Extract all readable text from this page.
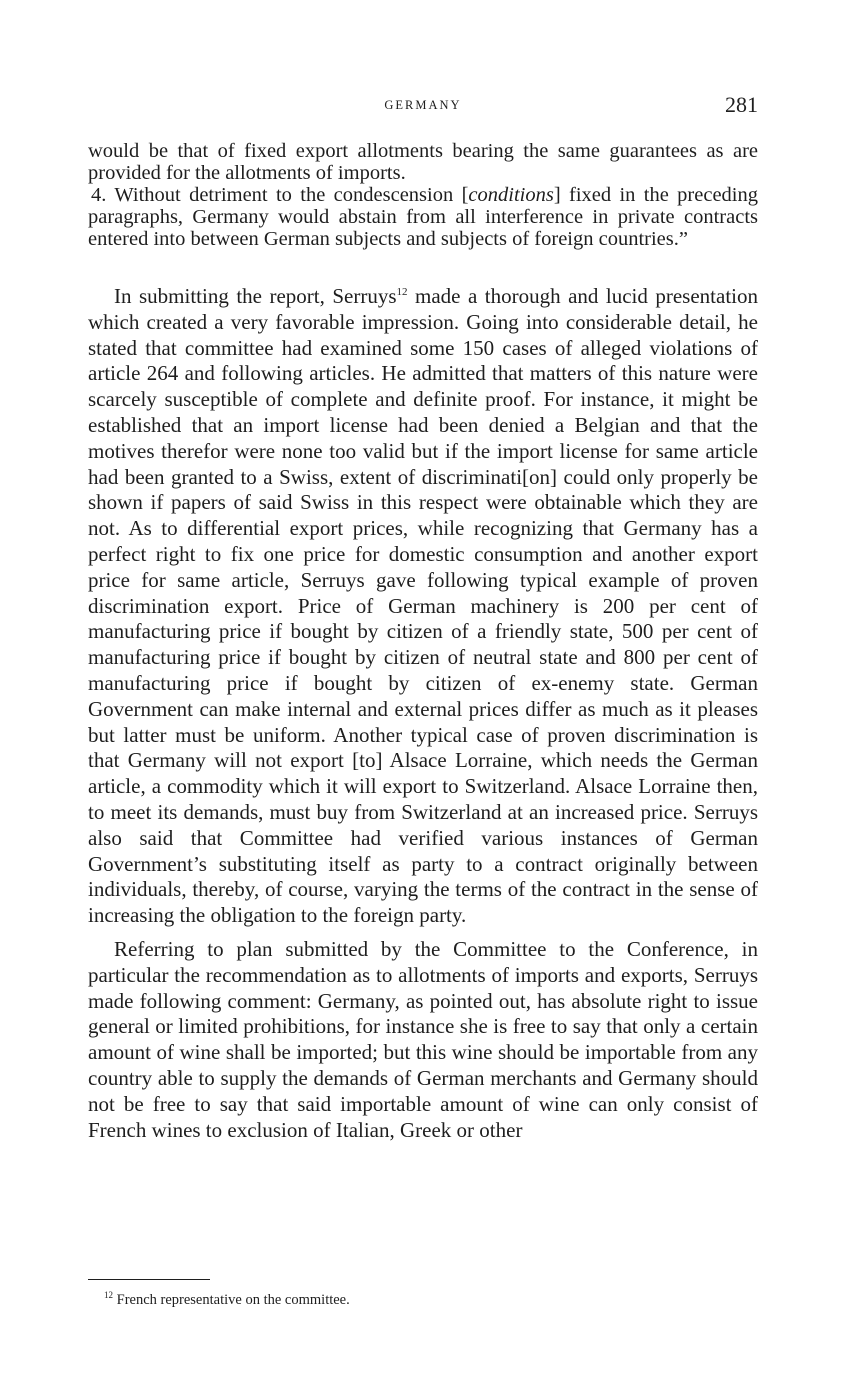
GERMANY	281

would be that of fixed export allotments bearing the same guarantees as are provided for the allotments of imports.

4. Without detriment to the condescension [conditions] fixed in the preceding paragraphs, Germany would abstain from all interference in private contracts entered into between German subjects and subjects of foreign countries.”

In submitting the report, Serruys$^{12}$ made a thorough and lucid presentation which created a very favorable impression. Going into considerable detail, he stated that committee had examined some 150 cases of alleged violations of article 264 and following articles. He admitted that matters of this nature were scarcely susceptible of complete and definite proof. For instance, it might be established that an import license had been denied a Belgian and that the motives therefor were none too valid but if the import license for same article had been granted to a Swiss, extent of discriminati[on] could only properly be shown if papers of said Swiss in this respect were obtainable which they are not. As to differential export prices, while recognizing that Germany has a perfect right to fix one price for domestic consumption and another export price for same article, Serruys gave following typical example of proven discrimination export. Price of German machinery is 200 per cent of manufacturing price if bought by citizen of a friendly state, 500 per cent of manufacturing price if bought by citizen of neutral state and 800 per cent of manufacturing price if bought by citizen of ex-enemy state. German Government can make internal and external prices differ as much as it pleases but latter must be uniform. Another typical case of proven discrimination is that Germany will not export [to] Alsace Lorraine, which needs the German article, a commodity which it will export to Switzerland. Alsace Lorraine then, to meet its demands, must buy from Switzerland at an increased price. Serruys also said that Committee had verified various instances of German Government’s substituting itself as party to a contract originally between individuals, thereby, of course, varying the terms of the contract in the sense of increasing the obligation to the foreign party.

Referring to plan submitted by the Committee to the Conference, in particular the recommendation as to allotments of imports and exports, Serruys made following comment: Germany, as pointed out, has absolute right to issue general or limited prohibitions, for instance she is free to say that only a certain amount of wine shall be imported; but this wine should be importable from any country able to supply the demands of German merchants and Germany should not be free to say that said importable amount of wine can only consist of French wines to exclusion of Italian, Greek or other

$^{12}$ French representative on the committee.
